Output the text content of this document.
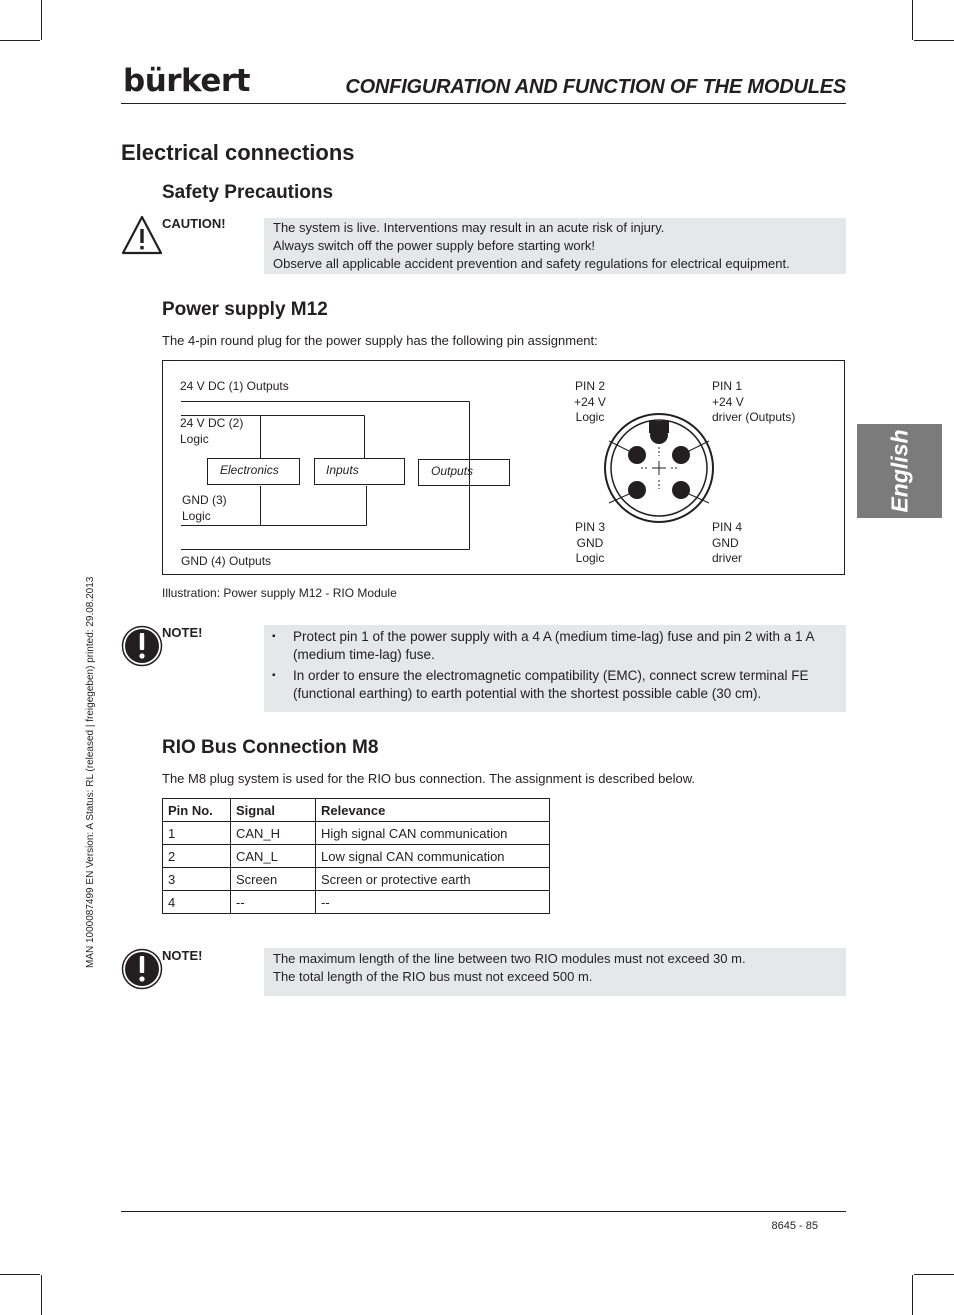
bürkert	CONFIGURATION AND FUNCTION OF THE MODULES
English
MAN 1000087499 EN Version: A Status: RL (released | freigegeben) printed: 29.08.2013
Electrical connections
Safety Precautions
CAUTION!	The system is live. Interventions may result in an acute risk of injury.
Always switch off the power supply before starting work!
Observe all applicable accident prevention and safety regulations for electrical equipment.
Power supply M12
The 4-pin round plug for the power supply has the following pin assignment:
24 V DC (1) Outputs
24 V DC (2)
Logic
GND (3)
Logic
GND (4) Outputs
Electronics	Inputs	Outputs
PIN 2
+24 V
Logic
PIN 1
+24 V
driver (Outputs)
PIN 3
GND
Logic
PIN 4
GND
driver
Illustration: Power supply M12 - RIO Module
NOTE!	▪ Protect pin 1 of the power supply with a 4 A (medium time-lag) fuse and pin 2 with a 1 A (medium time-lag) fuse.
▪ In order to ensure the electromagnetic compatibility (EMC), connect screw terminal FE (functional earthing) to earth potential with the shortest possible cable (30 cm).
RIO Bus Connection M8
The M8 plug system is used for the RIO bus connection. The assignment is described below.
Pin No.	Signal	Relevance
1	CAN_H	High signal CAN communication
2	CAN_L	Low signal CAN communication
3	Screen	Screen or protective earth
4	--	--
NOTE!	The maximum length of the line between two RIO modules must not exceed 30 m.
The total length of the RIO bus must not exceed 500 m.
8645 - 85
